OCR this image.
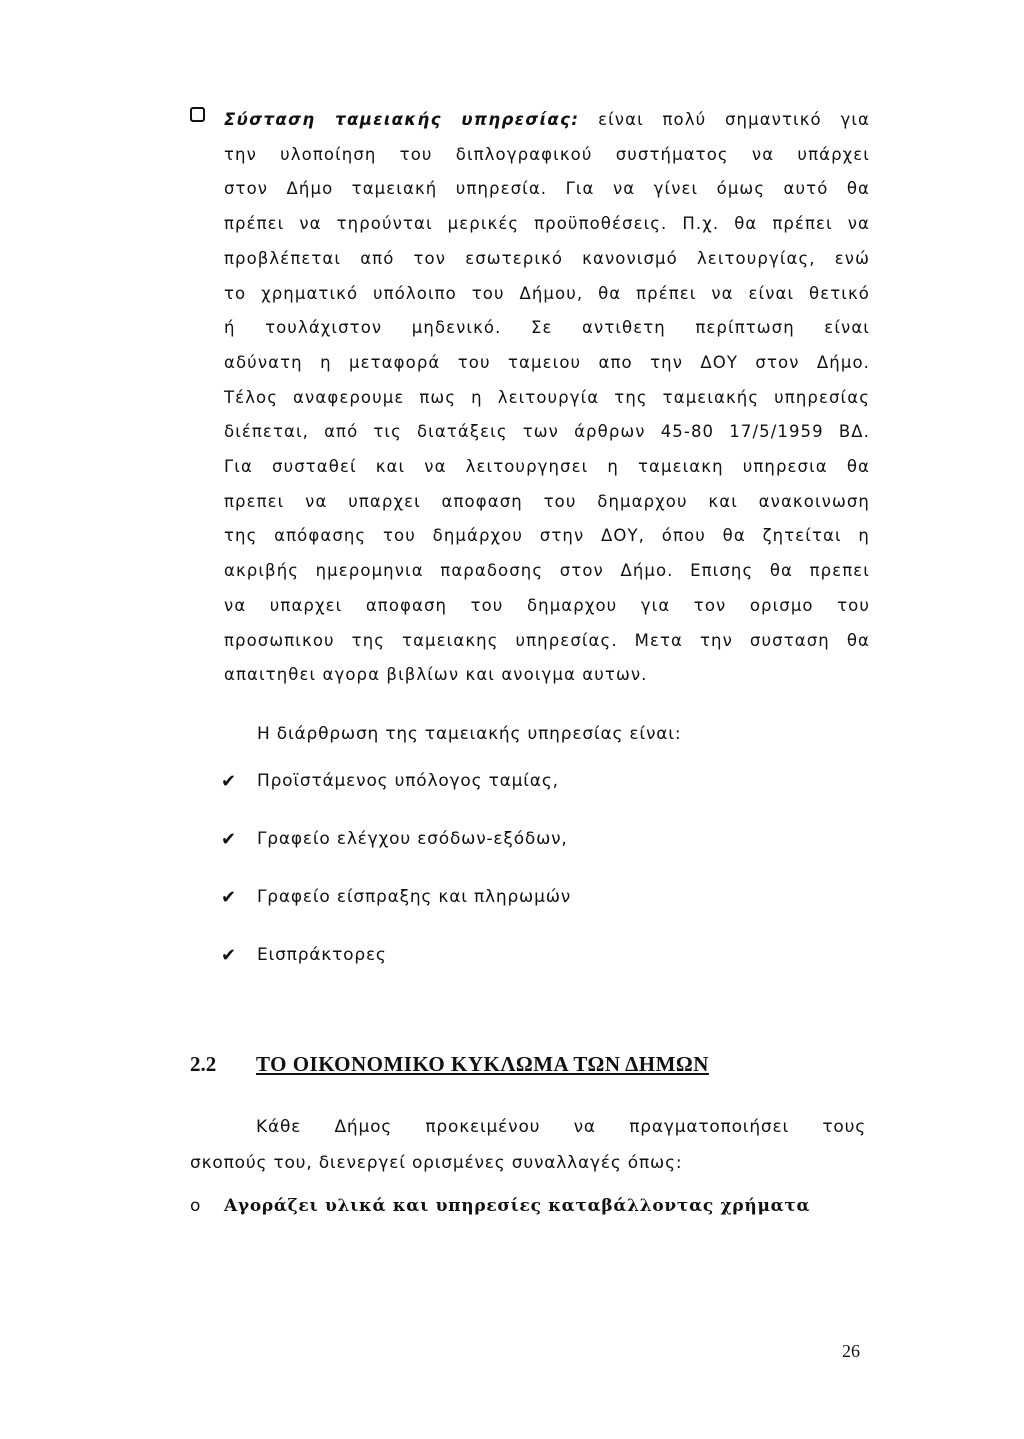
Σύσταση ταμειακής υπηρεσίας: είναι πολύ σημαντικό για
την υλοποίηση του διπλογραφικού συστήματος να υπάρχει
στον Δήμο ταμειακή υπηρεσία. Για να γίνει όμως αυτό θα
πρέπει να τηρούνται μερικές προϋποθέσεις. Π.χ. θα πρέπει να
προβλέπεται από τον εσωτερικό κανονισμό λειτουργίας, ενώ
το χρηματικό υπόλοιπο του Δήμου, θα πρέπει να είναι θετικό
ή τουλάχιστον μηδενικό. Σε αντιθετη περίπτωση είναι
αδύνατη η μεταφορά του ταμειου απο την ΔΟΥ στον Δήμο.
Τέλος αναφερουμε πως η λειτουργία της ταμειακής υπηρεσίας
διέπεται, από τις διατάξεις των άρθρων 45-80 17/5/1959 ΒΔ.
Για συσταθεί και να λειτουργησει η ταμειακη υπηρεσια θα
πρεπει να υπαρχει αποφαση του δημαρχου και ανακοινωση
της απόφασης του δημάρχου στην ΔΟΥ, όπου θα ζητείται η
ακριβής ημερομηνια παραδοσης στον Δήμο. Επισης θα πρεπει
να υπαρχει αποφαση του δημαρχου για τον ορισμο του
προσωπικου της ταμειακης υπηρεσίας. Μετα την συσταση θα
απαιτηθει αγορα βιβλίων και ανοιγμα αυτων.
Η διάρθρωση της ταμειακής υπηρεσίας είναι:
✔ Προϊστάμενος υπόλογος ταμίας,
✔ Γραφείο ελέγχου εσόδων-εξόδων,
✔ Γραφείο είσπραξης και πληρωμών
✔ Εισπράκτορες
2.2 ΤΟ ΟΙΚΟΝΟΜΙΚΟ ΚΥΚΛΩΜΑ ΤΩΝ ΔΗΜΩΝ
Κάθε Δήμος προκειμένου να πραγματοποιήσει τους
σκοπούς του, διενεργεί ορισμένες συναλλαγές όπως:
o Αγοράζει υλικά και υπηρεσίες καταβάλλοντας χρήματα
26
